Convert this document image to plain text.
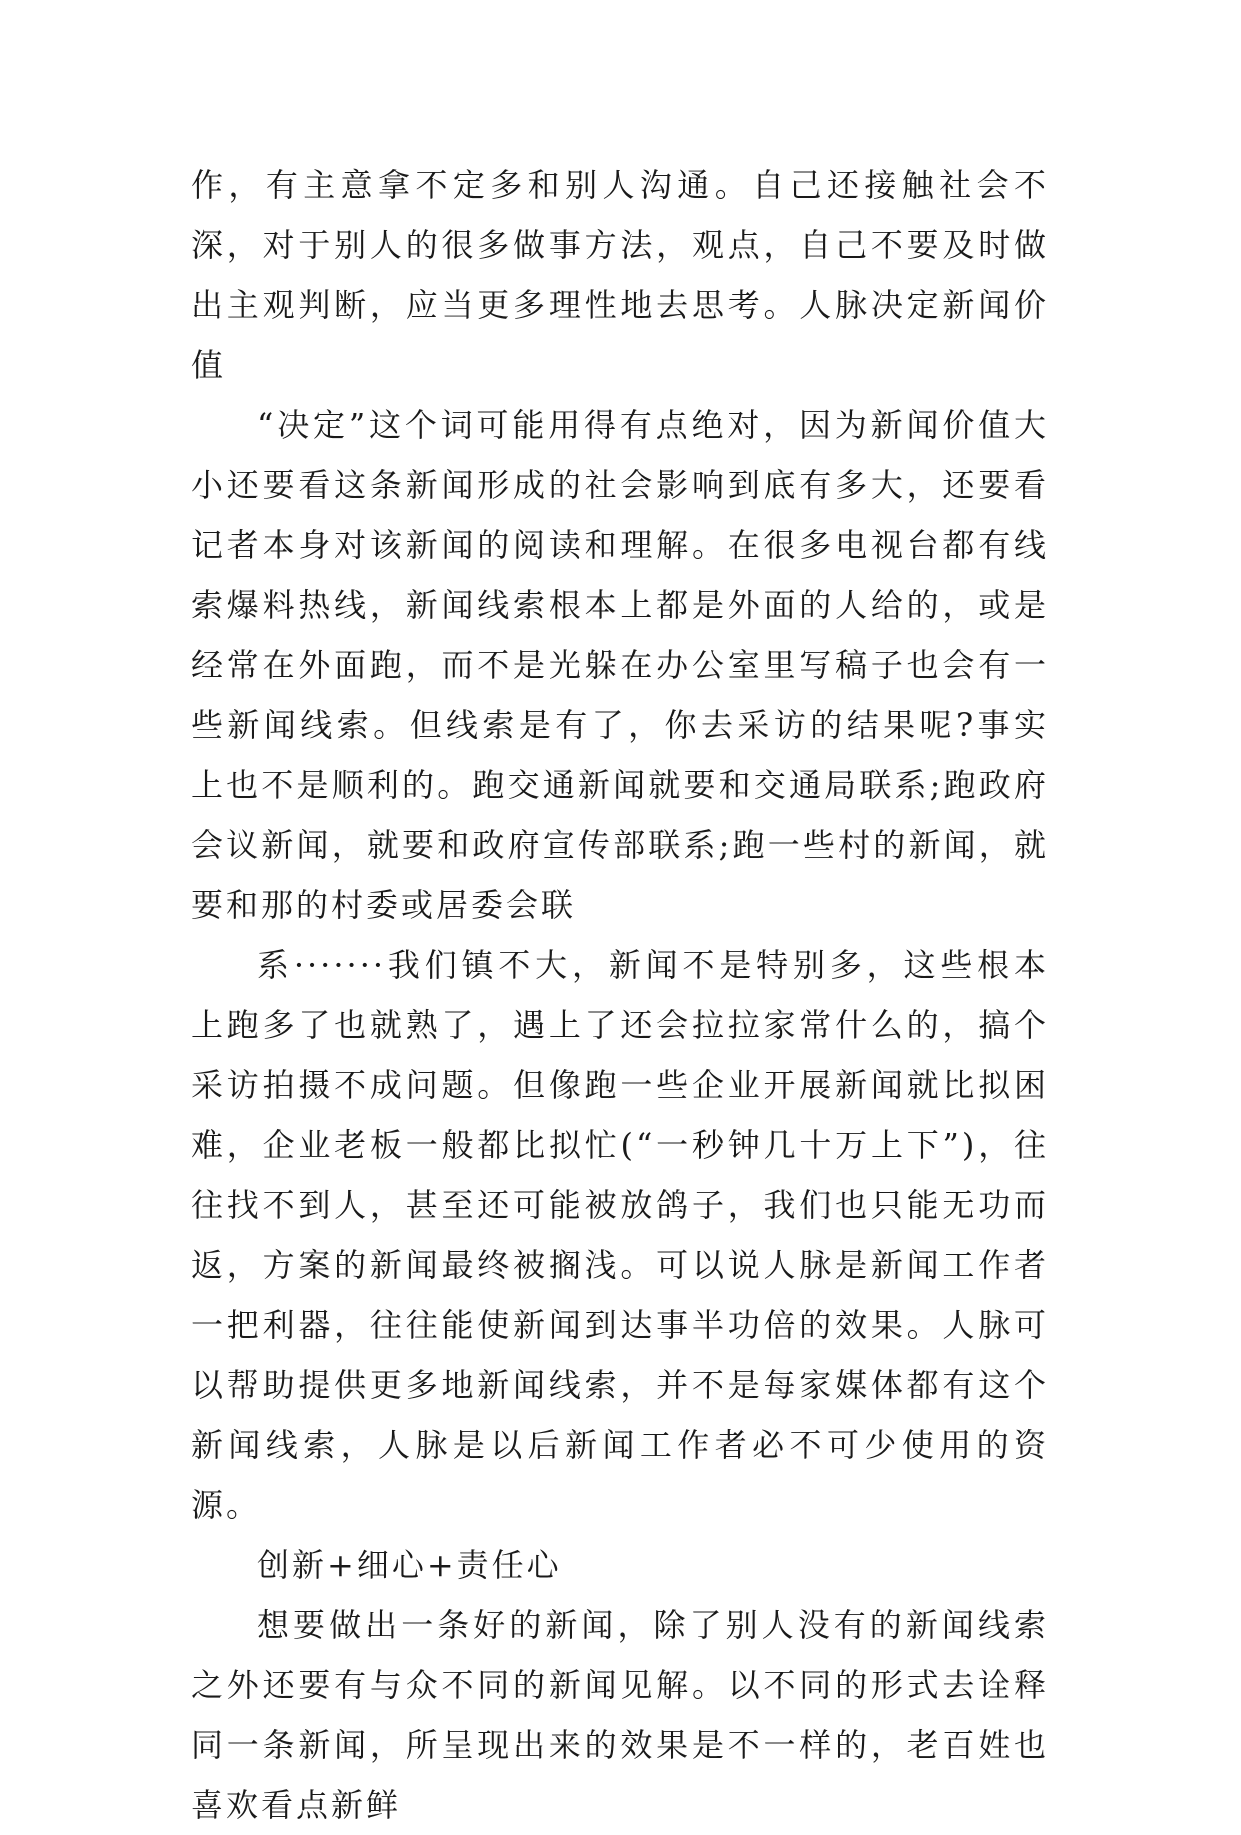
作，有主意拿不定多和别人沟通。自己还接触社会不深，对于别人的很多做事方法，观点，自己不要及时做出主观判断，应当更多理性地去思考。人脉决定新闻价值

“决定”这个词可能用得有点绝对，因为新闻价值大小还要看这条新闻形成的社会影响到底有多大，还要看记者本身对该新闻的阅读和理解。在很多电视台都有线索爆料热线，新闻线索根本上都是外面的人给的，或是经常在外面跑，而不是光躲在办公室里写稿子也会有一些新闻线索。但线索是有了，你去采访的结果呢?事实上也不是顺利的。跑交通新闻就要和交通局联系;跑政府会议新闻，就要和政府宣传部联系;跑一些村的新闻，就要和那的村委或居委会联

系·······我们镇不大，新闻不是特别多，这些根本上跑多了也就熟了，遇上了还会拉拉家常什么的，搞个采访拍摄不成问题。但像跑一些企业开展新闻就比拟困难，企业老板一般都比拟忙(“一秒钟几十万上下”)，往往找不到人，甚至还可能被放鸽子，我们也只能无功而返，方案的新闻最终被搁浅。可以说人脉是新闻工作者一把利器，往往能使新闻到达事半功倍的效果。人脉可以帮助提供更多地新闻线索，并不是每家媒体都有这个新闻线索，人脉是以后新闻工作者必不可少使用的资源。

创新+细心+责任心

想要做出一条好的新闻，除了别人没有的新闻线索之外还要有与众不同的新闻见解。以不同的形式去诠释同一条新闻，所呈现出来的效果是不一样的，老百姓也喜欢看点新鲜
